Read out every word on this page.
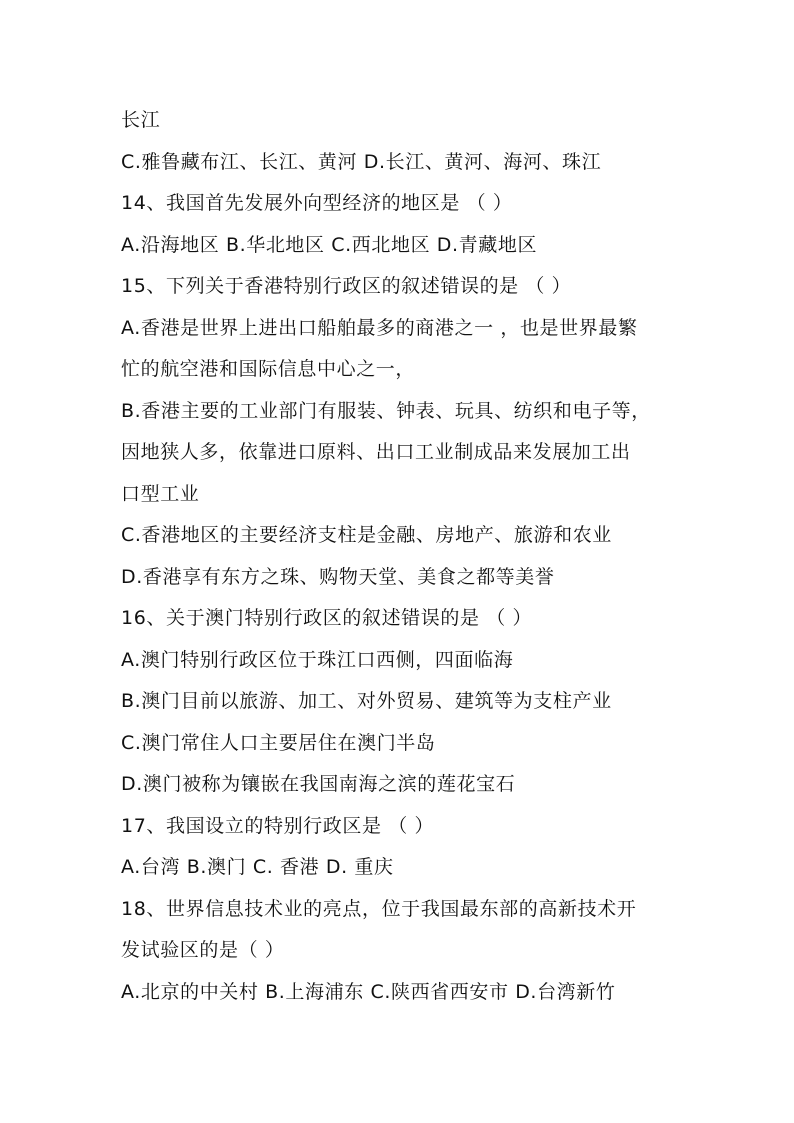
长江
C.雅鲁藏布江、长江、黄河 D.长江、黄河、海河、珠江
14、我国首先发展外向型经济的地区是 （ ）
A.沿海地区 B.华北地区 C.西北地区 D.青藏地区
15、下列关于香港特别行政区的叙述错误的是 （ ）
A.香港是世界上进出口船舶最多的商港之一 ，也是世界最繁
忙的航空港和国际信息中心之一，
B.香港主要的工业部门有服装、钟表、玩具、纺织和电子等，
因地狭人多，依靠进口原料、出口工业制成品来发展加工出
口型工业
C.香港地区的主要经济支柱是金融、房地产、旅游和农业
D.香港享有东方之珠、购物天堂、美食之都等美誉
16、关于澳门特别行政区的叙述错误的是 （ ）
A.澳门特别行政区位于珠江口西侧，四面临海
B.澳门目前以旅游、加工、对外贸易、建筑等为支柱产业
C.澳门常住人口主要居住在澳门半岛
D.澳门被称为镶嵌在我国南海之滨的莲花宝石
17、我国设立的特别行政区是 （ ）
A.台湾 B.澳门 C. 香港 D. 重庆
18、世界信息技术业的亮点，位于我国最东部的高新技术开
发试验区的是（ ）
A.北京的中关村 B.上海浦东 C.陕西省西安市 D.台湾新竹
